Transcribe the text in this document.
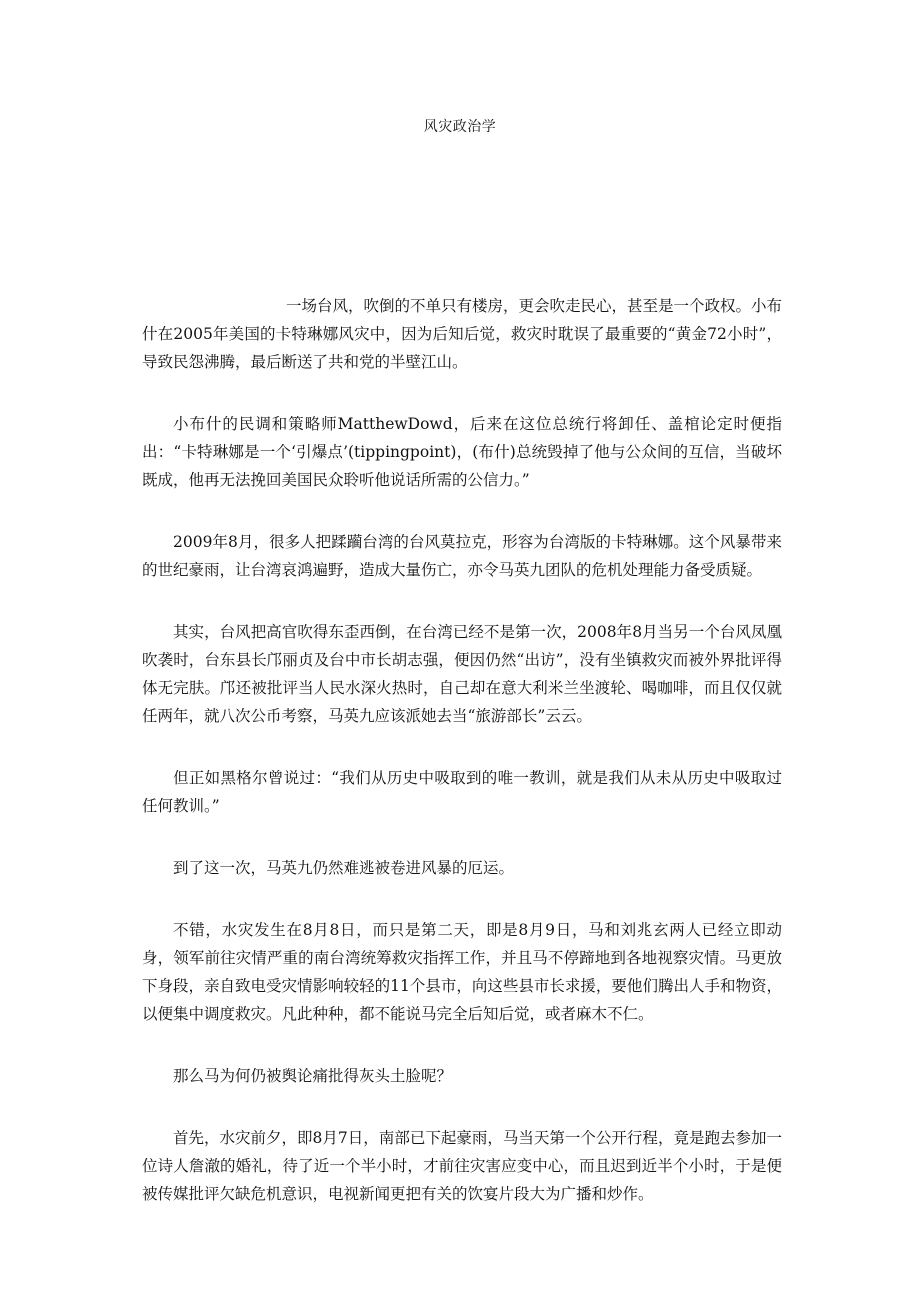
风灾政治学

一场台风，吹倒的不单只有楼房，更会吹走民心，甚至是一个政权。小布什在2005年美国的卡特琳娜风灾中，因为后知后觉，救灾时耽误了最重要的“黄金72小时”，导致民怨沸腾，最后断送了共和党的半壁江山。

小布什的民调和策略师MatthewDowd，后来在这位总统行将卸任、盖棺论定时便指出：“卡特琳娜是一个‘引爆点’(tippingpoint)，(布什)总统毁掉了他与公众间的互信，当破坏既成，他再无法挽回美国民众聆听他说话所需的公信力。”

2009年8月，很多人把蹂躏台湾的台风莫拉克，形容为台湾版的卡特琳娜。这个风暴带来的世纪豪雨，让台湾哀鸿遍野，造成大量伤亡，亦令马英九团队的危机处理能力备受质疑。

其实，台风把高官吹得东歪西倒，在台湾已经不是第一次，2008年8月当另一个台风凤凰吹袭时，台东县长邝丽贞及台中市长胡志强，便因仍然“出访”，没有坐镇救灾而被外界批评得体无完肤。邝还被批评当人民水深火热时，自己却在意大利米兰坐渡轮、喝咖啡，而且仅仅就任两年，就八次公币考察，马英九应该派她去当“旅游部长”云云。

但正如黑格尔曾说过：“我们从历史中吸取到的唯一教训，就是我们从未从历史中吸取过任何教训。”

到了这一次，马英九仍然难逃被卷进风暴的厄运。

不错，水灾发生在8月8日，而只是第二天，即是8月9日，马和刘兆玄两人已经立即动身，领军前往灾情严重的南台湾统筹救灾指挥工作，并且马不停蹄地到各地视察灾情。马更放下身段，亲自致电受灾情影响较轻的11个县市，向这些县市长求援，要他们腾出人手和物资，以便集中调度救灾。凡此种种，都不能说马完全后知后觉，或者麻木不仁。

那么马为何仍被舆论痛批得灰头土脸呢？

首先，水灾前夕，即8月7日，南部已下起豪雨，马当天第一个公开行程，竟是跑去参加一位诗人詹澈的婚礼，待了近一个半小时，才前往灾害应变中心，而且迟到近半个小时，于是便被传媒批评欠缺危机意识，电视新闻更把有关的饮宴片段大为广播和炒作。
